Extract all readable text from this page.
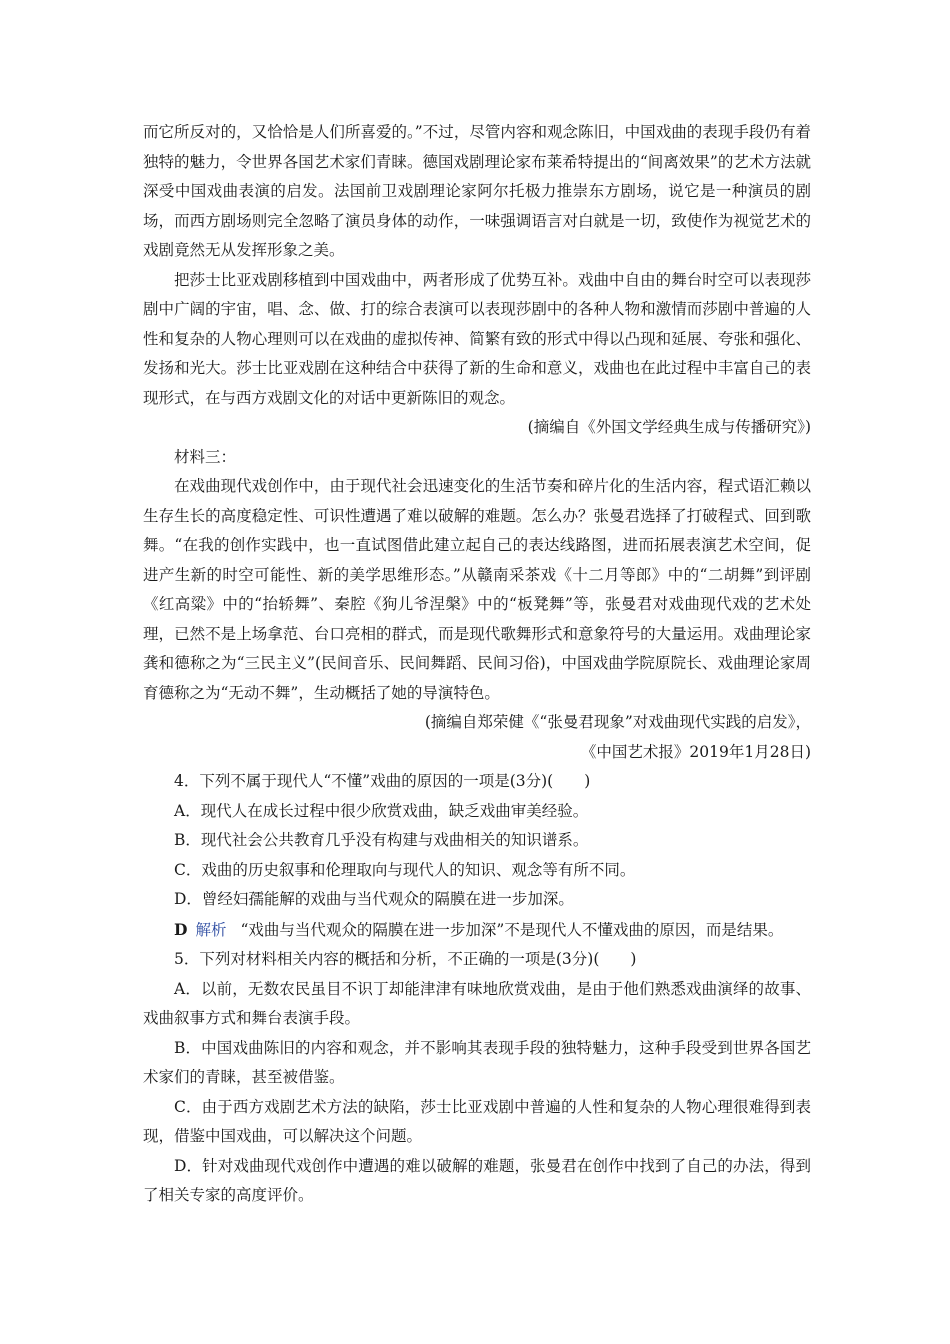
而它所反对的，又恰恰是人们所喜爱的。”不过，尽管内容和观念陈旧，中国戏曲的表现手段仍有着独特的魅力，令世界各国艺术家们青睐。德国戏剧理论家布莱希特提出的“间离效果”的艺术方法就深受中国戏曲表演的启发。法国前卫戏剧理论家阿尔托极力推崇东方剧场，说它是一种演员的剧场，而西方剧场则完全忽略了演员身体的动作，一味强调语言对白就是一切，致使作为视觉艺术的戏剧竟然无从发挥形象之美。

把莎士比亚戏剧移植到中国戏曲中，两者形成了优势互补。戏曲中自由的舞台时空可以表现莎剧中广阔的宇宙，唱、念、做、打的综合表演可以表现莎剧中的各种人物和激情而莎剧中普遍的人性和复杂的人物心理则可以在戏曲的虚拟传神、简繁有致的形式中得以凸现和延展、夸张和强化、发扬和光大。莎士比亚戏剧在这种结合中获得了新的生命和意义，戏曲也在此过程中丰富自己的表现形式，在与西方戏剧文化的对话中更新陈旧的观念。

(摘编自《外国文学经典生成与传播研究》)

材料三：

在戏曲现代戏创作中，由于现代社会迅速变化的生活节奏和碎片化的生活内容，程式语汇赖以生存生长的高度稳定性、可识性遭遇了难以破解的难题。怎么办？张曼君选择了打破程式、回到歌舞。“在我的创作实践中，也一直试图借此建立起自己的表达线路图，进而拓展表演艺术空间，促进产生新的时空可能性、新的美学思维形态。”从赣南采茶戏《十二月等郎》中的“二胡舞”到评剧《红高粱》中的“抬轿舞”、秦腔《狗儿爷涅槃》中的“板凳舞”等，张曼君对戏曲现代戏的艺术处理，已然不是上场拿范、台口亮相的群式，而是现代歌舞形式和意象符号的大量运用。戏曲理论家龚和德称之为“三民主义”(民间音乐、民间舞蹈、民间习俗)，中国戏曲学院原院长、戏曲理论家周育德称之为“无动不舞”，生动概括了她的导演特色。

(摘编自郑荣健《“张曼君现象”对戏曲现代实践的启发》，

《中国艺术报》2019年1月28日)

4．下列不属于现代人“不懂”戏曲的原因的一项是(3分)(　　)

A．现代人在成长过程中很少欣赏戏曲，缺乏戏曲审美经验。

B．现代社会公共教育几乎没有构建与戏曲相关的知识谱系。

C．戏曲的历史叙事和伦理取向与现代人的知识、观念等有所不同。

D．曾经妇孺能解的戏曲与当代观众的隔膜在进一步加深。

D 解析 “戏曲与当代观众的隔膜在进一步加深”不是现代人不懂戏曲的原因，而是结果。

5．下列对材料相关内容的概括和分析，不正确的一项是(3分)(　　)

A．以前，无数农民虽目不识丁却能津津有味地欣赏戏曲，是由于他们熟悉戏曲演绎的故事、戏曲叙事方式和舞台表演手段。

B．中国戏曲陈旧的内容和观念，并不影响其表现手段的独特魅力，这种手段受到世界各国艺术家们的青睐，甚至被借鉴。

C．由于西方戏剧艺术方法的缺陷，莎士比亚戏剧中普遍的人性和复杂的人物心理很难得到表现，借鉴中国戏曲，可以解决这个问题。

D．针对戏曲现代戏创作中遭遇的难以破解的难题，张曼君在创作中找到了自己的办法，得到了相关专家的高度评价。
